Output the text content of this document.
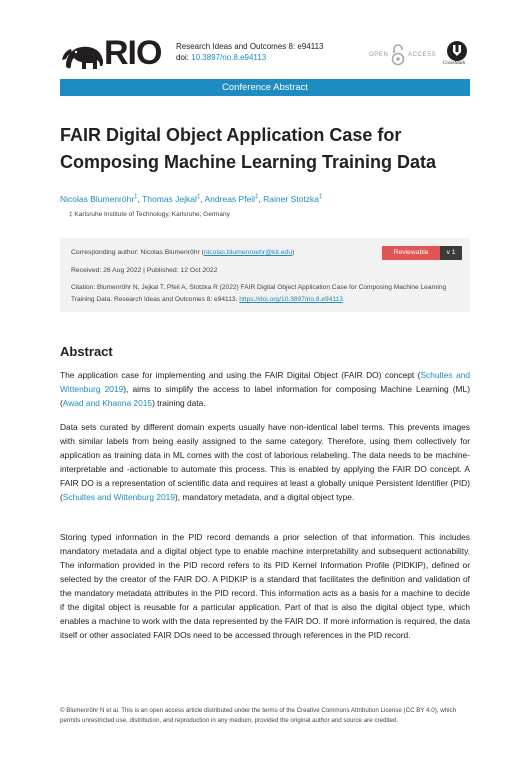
RIO Research Ideas and Outcomes 8: e94113
doi: 10.3897/rio.8.e94113	OPEN	ACCESS
CrossMark
Conference Abstract
FAIR Digital Object Application Case for Composing Machine Learning Training Data
Nicolas Blumenröhr‡, Thomas Jejkal‡, Andreas Pfeil‡, Rainer Stotzka‡
‡ Karlsruhe Institute of Technology, Karlsruhe, Germany
Corresponding author: Nicolas Blumenröhr (nicolas.blumenroehr@kit.edu)	Reviewable	v 1
Received: 26 Aug 2022 | Published: 12 Oct 2022
Citation: Blumenröhr N, Jejkal T, Pfeil A, Stotzka R (2022) FAIR Digital Object Application Case for Composing Machine Learning Training Data. Research Ideas and Outcomes 8: e94113. https://doi.org/10.3897/rio.8.e94113
Abstract

The application case for implementing and using the FAIR Digital Object (FAIR DO) concept (Schultes and Wittenburg 2019), aims to simplify the access to label information for composing Machine Learning (ML) (Awad and Khanna 2015) training data.

Data sets curated by different domain experts usually have non-identical label terms. This prevents images with similar labels from being easily assigned to the same category. Therefore, using them collectively for application as training data in ML comes with the cost of laborious relabeling. The data needs to be machine-interpretable and -actionable to automate this process. This is enabled by applying the FAIR DO concept. A FAIR DO is a representation of scientific data and requires at least a globally unique Persistent Identifier (PID) (Schultes and Wittenburg 2019), mandatory metadata, and a digital object type.

Storing typed information in the PID record demands a prior selection of that information. This includes mandatory metadata and a digital object type to enable machine interpretability and subsequent actionability. The information provided in the PID record refers to its PID Kernel Information Profile (PIDKIP), defined or selected by the creator of the FAIR DO. A PIDKIP is a standard that facilitates the definition and validation of the mandatory metadata attributes in the PID record. This information acts as a basis for a machine to decide if the digital object is reusable for a particular application. Part of that is also the digital object type, which enables a machine to work with the data represented by the FAIR DO. If more information is required, the data itself or other associated FAIR DOs need to be accessed through references in the PID record.

© Blumenröhr N et al. This is an open access article distributed under the terms of the Creative Commons Attribution License (CC BY 4.0), which permits unrestricted use, distribution, and reproduction in any medium, provided the original author and source are credited.
